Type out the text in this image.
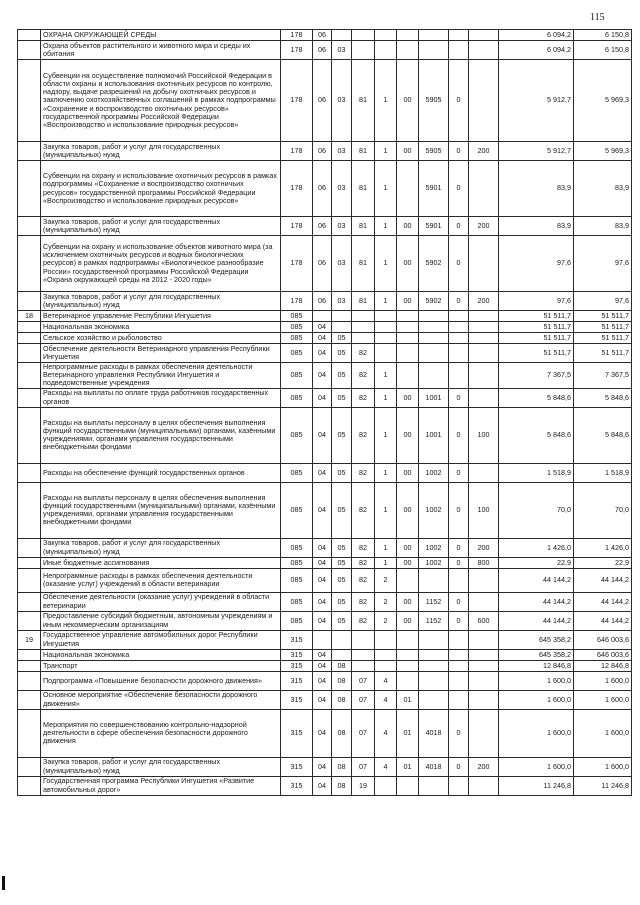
115
	ОХРАНА ОКРУЖАЮЩЕЙ СРЕДЫ	178	06								6 094,2	6 150,8
	Охрана объектов растительного и животного мира и среды их обитания	178	06	03							6 094,2	6 150,8
	Субвенции на осуществление полномочий Российской Федерации в области охраны и использования охотничьих ресурсов по контролю, надзору, выдаче разрешений на добычу охотничьих ресурсов и заключению охотхозяйственных соглашений в рамках подпрограммы «Сохранение и воспроизводство охотничьих ресурсов» государственной программы Российской Федерации «Воспроизводство и использование природных ресурсов»	178	06	03	81	1	00	5905	0		5 912,7	5 969,3
	Закупка товаров, работ и услуг для государственных (муниципальных) нужд	178	06	03	81	1	00	5905	0	200	5 912,7	5 969,3
	Субвенции на охрану и использование охотничьих ресурсов в рамках подпрограммы «Сохранение и воспроизводство охотничьих ресурсов» государственной программы Российской Федерации «Воспроизводство и использование природных ресурсов»	178	06	03	81	1		5901	0		83,9	83,9
	Закупка товаров, работ и услуг для государственных (муниципальных) нужд	178	06	03	81	1	00	5901	0	200	83,9	83,9
	Субвенции на охрану и использование объектов животного мира (за исключением охотничьих ресурсов и водных биологических ресурсов) в рамках подпрограммы «Биологическое разнообразие России» государственной программы Российской Федерации «Охрана окружающей среды на 2012 - 2020 годы»	178	06	03	81	1	00	5902	0		97,6	97,6
	Закупка товаров, работ и услуг для государственных (муниципальных) нужд	178	06	03	81	1	00	5902	0	200	97,6	97,6
18	Ветеринарное управление Республики Ингушетия	085									51 511,7	51 511,7
	Национальная экономика	085	04								51 511,7	51 511,7
	Сельское хозяйство и рыболовство	085	04	05							51 511,7	51 511,7
	Обеспечение деятельности Ветеринарного управления Республики Ингушетия	085	04	05	82						51 511,7	51 511,7
	Непрограммные расходы в рамках обеспечения деятельности Ветеринарного управления Республики Ингушетия и подведомственные учреждения	085	04	05	82	1					7 367,5	7 367,5
	Расходы на выплаты по оплате труда работников государственных органов	085	04	05	82	1	00	1001	0		5 848,6	5 848,6
	Расходы на выплаты персоналу в целях обеспечения выполнения функций государственными (муниципальными) органами, казёнными учреждениями, органами управления государственными внебюджетными фондами	085	04	05	82	1	00	1001	0	100	5 848,6	5 848,6
	Расходы на обеспечение функций государственных органов	085	04	05	82	1	00	1002	0		1 518,9	1 518,9
	Расходы на выплаты персоналу в целях обеспечения выполнения функций государственными (муниципальными) органами, казёнными учреждениями, органами управления государственными внебюджетными фондами	085	04	05	82	1	00	1002	0	100	70,0	70,0
	Закупка товаров, работ и услуг для государственных (муниципальных) нужд	085	04	05	82	1	00	1002	0	200	1 426,0	1 426,0
	Иные бюджетные ассигнования	085	04	05	82	1	00	1002	0	800	22,9	22,9
	Непрограммные расходы в рамках обеспечения деятельности (оказание услуг) учреждений в области ветеринарии	085	04	05	82	2					44 144,2	44 144,2
	Обеспечение деятельности (оказание услуг) учреждений в области ветеринарии	085	04	05	82	2	00	1152	0		44 144,2	44 144,2
	Предоставление субсидий бюджетным, автономным учреждениям и иным некоммерческим организациям	085	04	05	82	2	00	1152	0	600	44 144,2	44 144,2
19	Государственное управление автомобильных дорог Республики Ингушетия	315									645 358,2	646 003,6
	Национальная экономика	315	04								645 358,2	646 003,6
	Транспорт	315	04	08							12 846,8	12 846,8
	Подпрограмма «Повышение безопасности дорожного движения»	315	04	08	07	4					1 600,0	1 600,0
	Основное мероприятие «Обеспечение безопасности дорожного движения»	315	04	08	07	4	01				1 600,0	1 600,0
	Мероприятия по совершенствованию контрольно-надзорной деятельности в сфере обеспечения безопасности дорожного движения	315	04	08	07	4	01	4018	0		1 600,0	1 600,0
	Закупка товаров, работ и услуг для государственных (муниципальных) нужд	315	04	08	07	4	01	4018	0	200	1 600,0	1 600,0
	Государственная программа Республики Ингушетия «Развитие автомобильных дорог»	315	04	08	19						11 246,8	11 246,8
